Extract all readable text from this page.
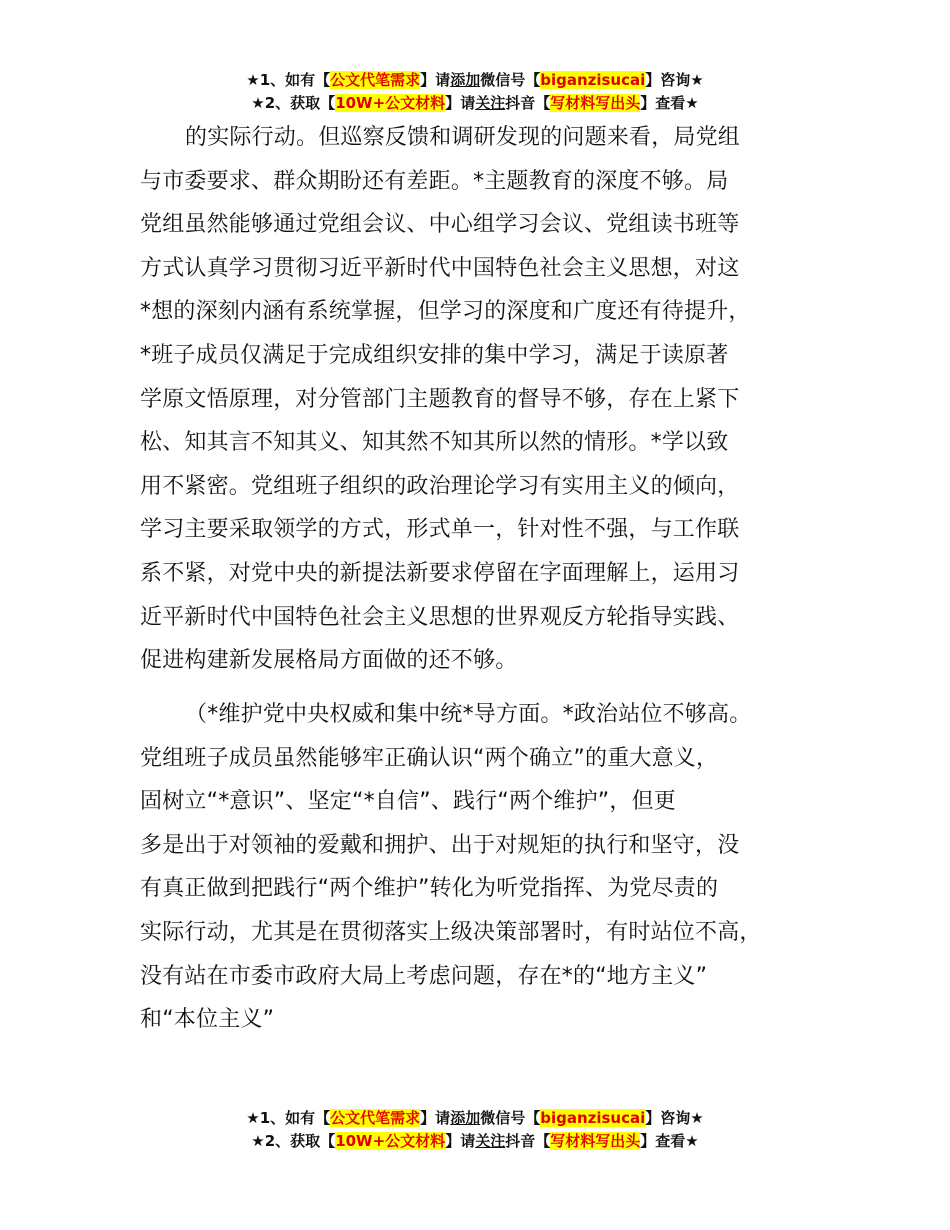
★1、如有【公文代笔需求】请添加微信号【biganzisucai】咨询★
★2、获取【10W+公文材料】请关注抖音【写材料写出头】查看★
的实际行动。但巡察反馈和调研发现的问题来看，局党组
与市委要求、群众期盼还有差距。*主题教育的深度不够。局
党组虽然能够通过党组会议、中心组学习会议、党组读书班等
方式认真学习贯彻习近平新时代中国特色社会主义思想，对这
*想的深刻内涵有系统掌握，但学习的深度和广度还有待提升，
*班子成员仅满足于完成组织安排的集中学习，满足于读原著
学原文悟原理，对分管部门主题教育的督导不够，存在上紧下
松、知其言不知其义、知其然不知其所以然的情形。*学以致
用不紧密。党组班子组织的政治理论学习有实用主义的倾向，
学习主要采取领学的方式，形式单一，针对性不强，与工作联
系不紧，对党中央的新提法新要求停留在字面理解上，运用习
近平新时代中国特色社会主义思想的世界观反方轮指导实践、
促进构建新发展格局方面做的还不够。
（*维护党中央权威和集中统*导方面。*政治站位不够高。
党组班子成员虽然能够牢正确认识“两个确立”的重大意义，
固树立“*意识”、坚定“*自信”、践行“两个维护”，但更
多是出于对领袖的爱戴和拥护、出于对规矩的执行和坚守，没
有真正做到把践行“两个维护”转化为听党指挥、为党尽责的
实际行动，尤其是在贯彻落实上级决策部署时，有时站位不高，
没有站在市委市政府大局上考虑问题，存在*的“地方主义”
和“本位主义”
★1、如有【公文代笔需求】请添加微信号【biganzisucai】咨询★
★2、获取【10W+公文材料】请关注抖音【写材料写出头】查看★
